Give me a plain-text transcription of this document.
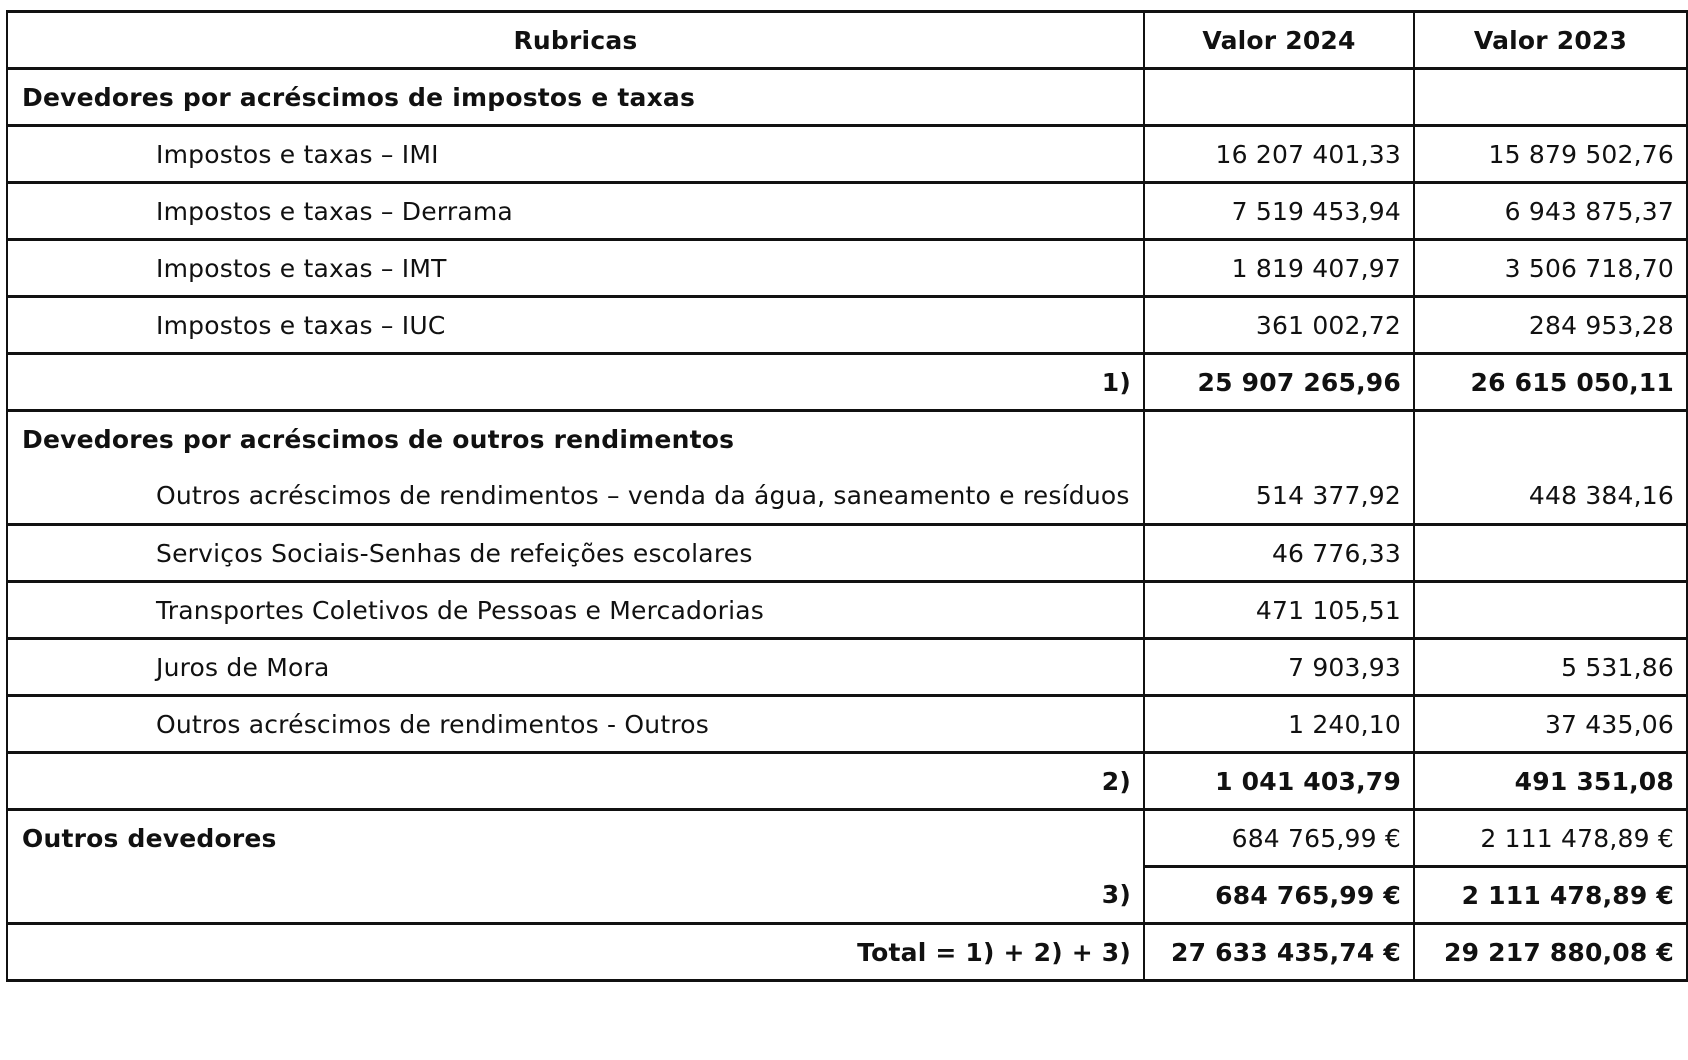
Rubricas	Valor 2024	Valor 2023
Devedores por acréscimos de impostos e taxas		
Impostos e taxas – IMI	16 207 401,33	15 879 502,76
Impostos e taxas – Derrama	7 519 453,94	6 943 875,37
Impostos e taxas – IMT	1 819 407,97	3 506 718,70
Impostos e taxas – IUC	361 002,72	284 953,28
1)	25 907 265,96	26 615 050,11
Devedores por acréscimos de outros rendimentos		
Outros acréscimos de rendimentos – venda da água, saneamento e resíduos	514 377,92	448 384,16
Serviços Sociais-Senhas de refeições escolares	46 776,33	
Transportes Coletivos de Pessoas e Mercadorias	471 105,51	
Juros de Mora	7 903,93	5 531,86
Outros acréscimos de rendimentos - Outros	1 240,10	37 435,06
2)	1 041 403,79	491 351,08
Outros devedores	684 765,99 €	2 111 478,89 €
3)	684 765,99 €	2 111 478,89 €
Total = 1) + 2) + 3)	27 633 435,74 €	29 217 880,08 €
